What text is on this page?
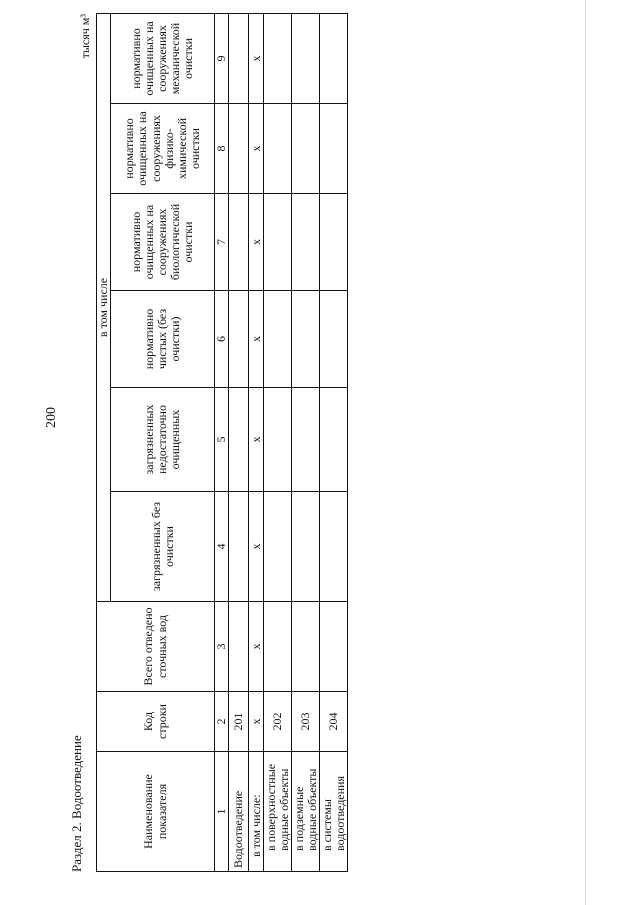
200
Раздел 2. Водоотведение
тысяч м³
Наименование показателя	Код строки	Всего отведено сточных вод	в том числе					
			загрязненных без очистки	загрязненных недостаточно очищенных	нормативно чистых (без очистки)	нормативно очищенных на сооружениях биологической очистки	нормативно очищенных на сооружениях физико-химической очистки	нормативно очищенных на сооружениях механической очистки
1	2	3	4	5	6	7	8	9
Водоотведение	201							
в том числе:	х	х	х	х	х	х	х	х
в поверхностные водные объекты	202							
в подземные водные объекты	203							
в системы водоотведения	204							
